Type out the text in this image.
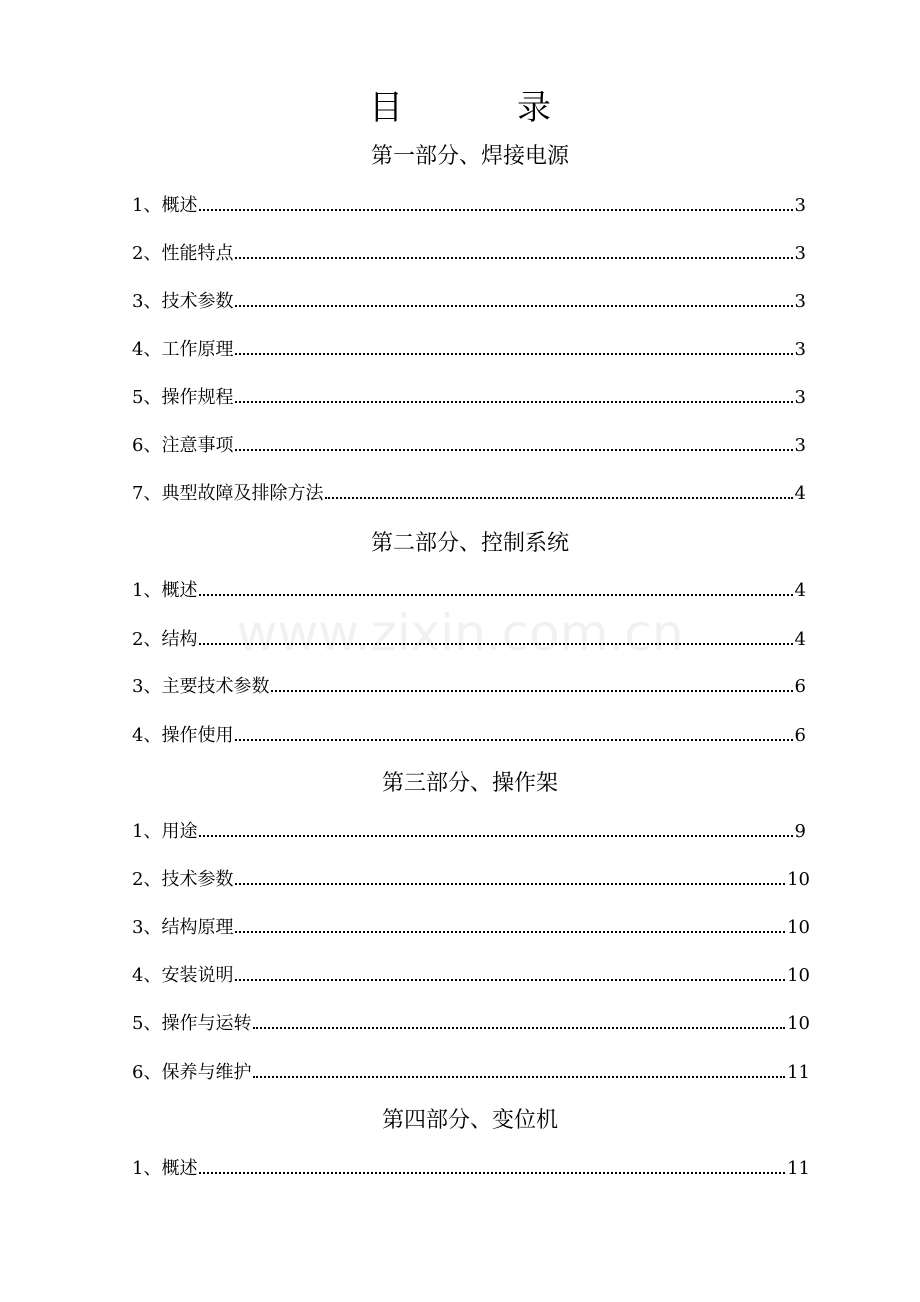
www.zixin.com.cn
目　录
第一部分、焊接电源
1、概述	3
2、性能特点	3
3、技术参数	3
4、工作原理	3
5、操作规程	3
6、注意事项	3
7、典型故障及排除方法	4
第二部分、控制系统
1、概述	4
2、结构	4
3、主要技术参数	6
4、操作使用	6
第三部分、操作架
1、用途	9
2、技术参数	10
3、结构原理	10
4、安装说明	10
5、操作与运转	10
6、保养与维护	11
第四部分、变位机
1、概述	11
